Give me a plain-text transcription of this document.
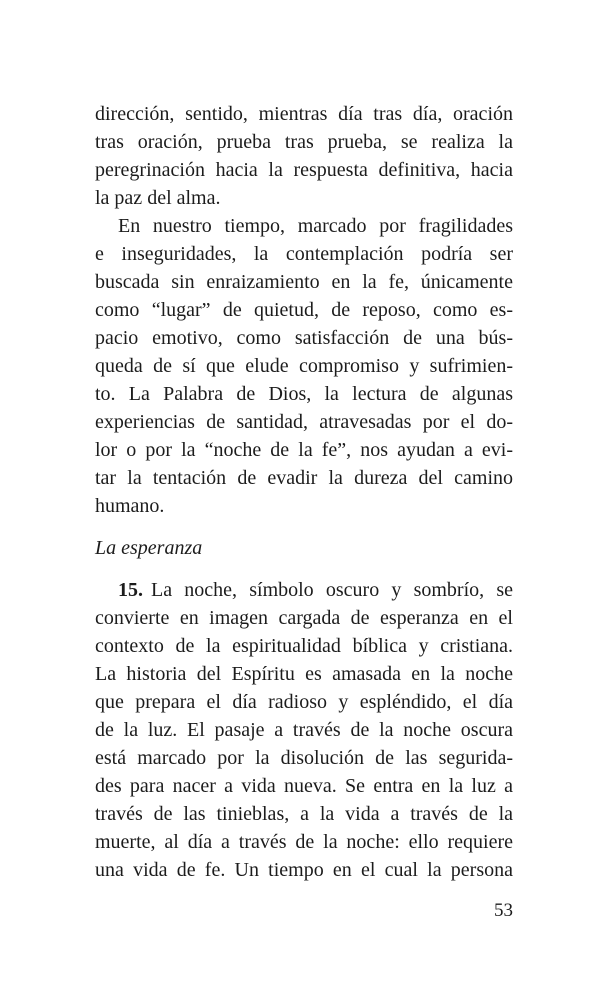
dirección, sentido, mientras día tras día, oración
tras oración, prueba tras prueba, se realiza la
peregrinación hacia la respuesta definitiva, hacia
la paz del alma.
En nuestro tiempo, marcado por fragilidades
e inseguridades, la contemplación podría ser
buscada sin enraizamiento en la fe, únicamente
como “lugar” de quietud, de reposo, como es-
pacio emotivo, como satisfacción de una bús-
queda de sí que elude compromiso y sufrimien-
to. La Palabra de Dios, la lectura de algunas
experiencias de santidad, atravesadas por el do-
lor o por la “noche de la fe”, nos ayudan a evi-
tar la tentación de evadir la dureza del camino
humano.
La esperanza
15. La noche, símbolo oscuro y sombrío, se
convierte en imagen cargada de esperanza en el
contexto de la espiritualidad bíblica y cristiana.
La historia del Espíritu es amasada en la noche
que prepara el día radioso y espléndido, el día
de la luz. El pasaje a través de la noche oscura
está marcado por la disolución de las segurida-
des para nacer a vida nueva. Se entra en la luz a
través de las tinieblas, a la vida a través de la
muerte, al día a través de la noche: ello requiere
una vida de fe. Un tiempo en el cual la persona
53
